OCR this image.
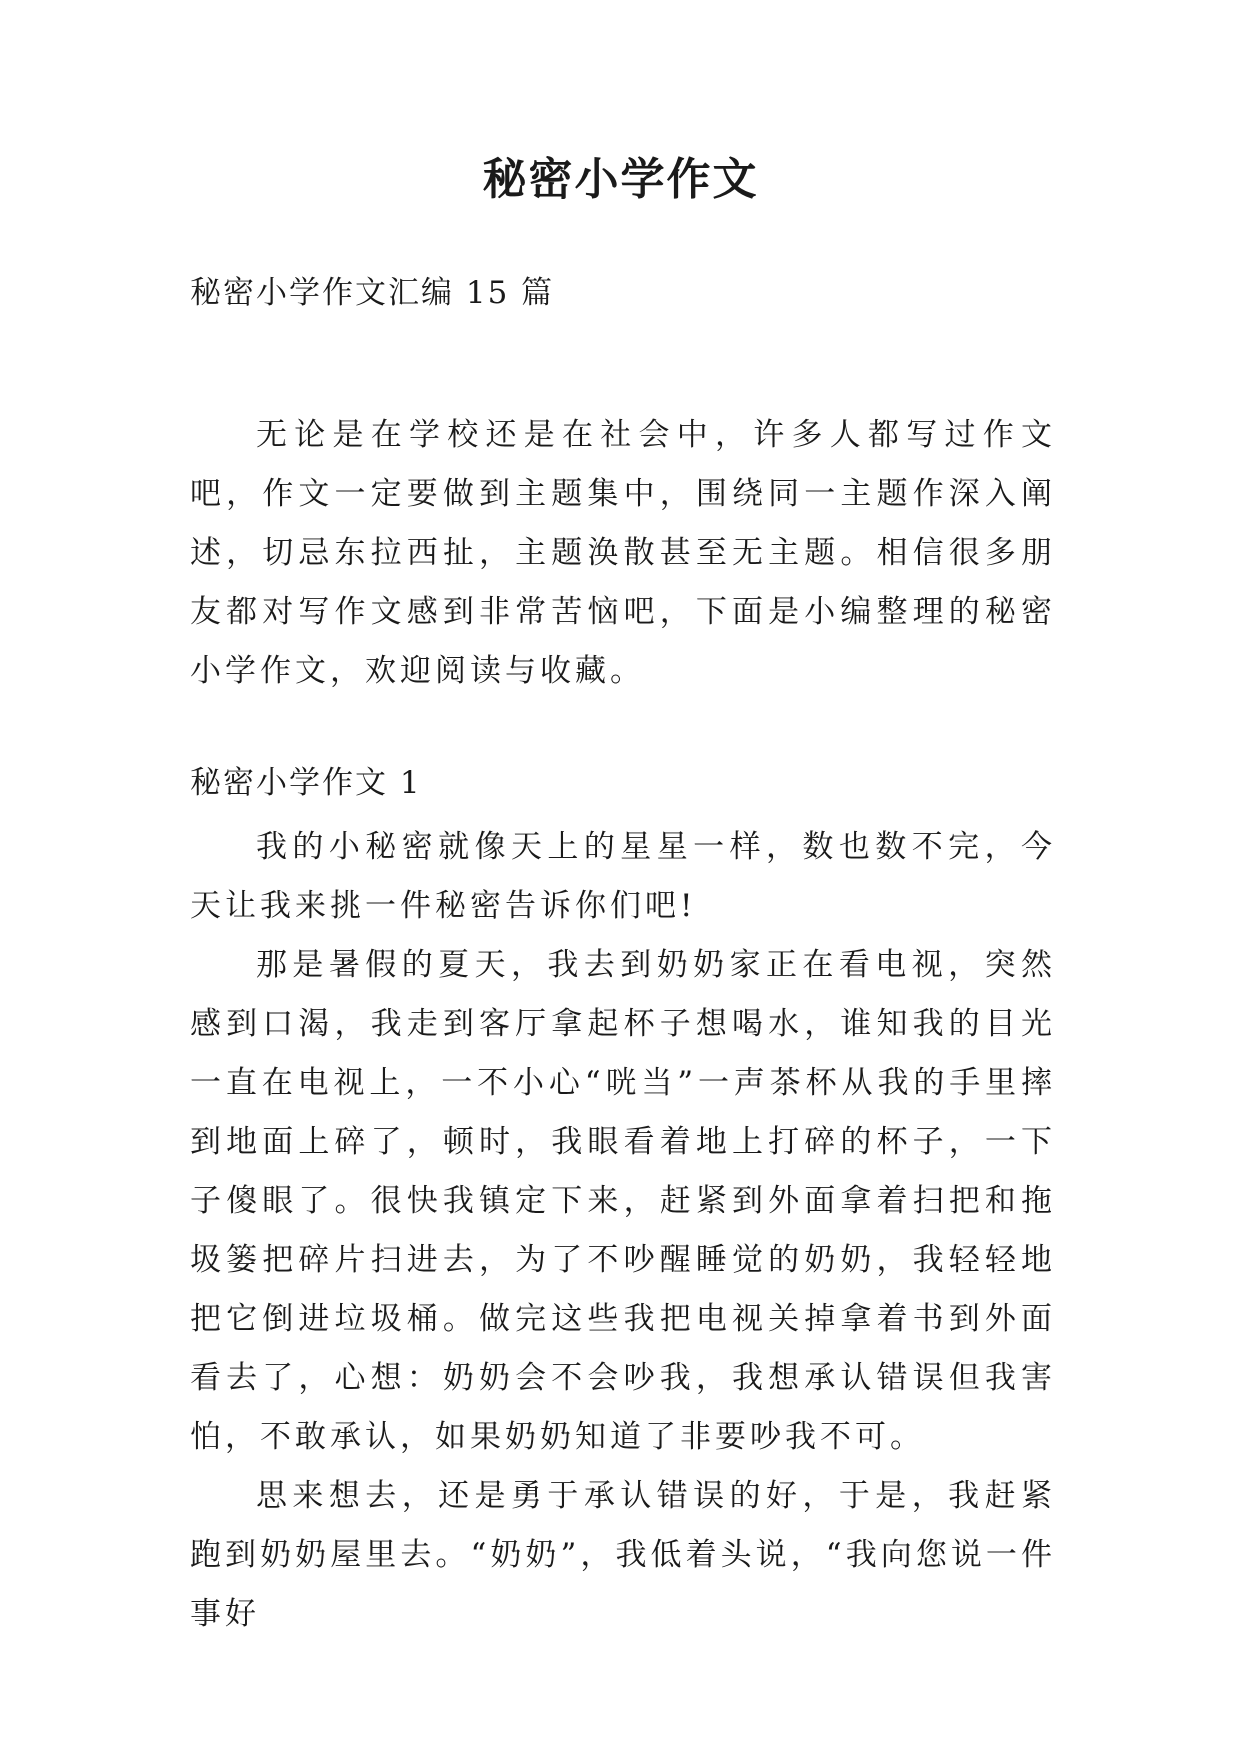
秘密小学作文

秘密小学作文汇编 15 篇

无论是在学校还是在社会中，许多人都写过作文吧，作文一定要做到主题集中，围绕同一主题作深入阐述，切忌东拉西扯，主题涣散甚至无主题。相信很多朋友都对写作文感到非常苦恼吧，下面是小编整理的秘密小学作文，欢迎阅读与收藏。

秘密小学作文 1

我的小秘密就像天上的星星一样，数也数不完，今天让我来挑一件秘密告诉你们吧!

那是暑假的夏天，我去到奶奶家正在看电视，突然感到口渴，我走到客厅拿起杯子想喝水，谁知我的目光一直在电视上，一不小心“咣当”一声茶杯从我的手里摔到地面上碎了，顿时，我眼看着地上打碎的杯子，一下子傻眼了。很快我镇定下来，赶紧到外面拿着扫把和拖圾篓把碎片扫进去，为了不吵醒睡觉的奶奶，我轻轻地把它倒进垃圾桶。做完这些我把电视关掉拿着书到外面看去了，心想：奶奶会不会吵我，我想承认错误但我害怕，不敢承认，如果奶奶知道了非要吵我不可。

思来想去，还是勇于承认错误的好，于是，我赶紧跑到奶奶屋里去。“奶奶”，我低着头说，“我向您说一件事好
